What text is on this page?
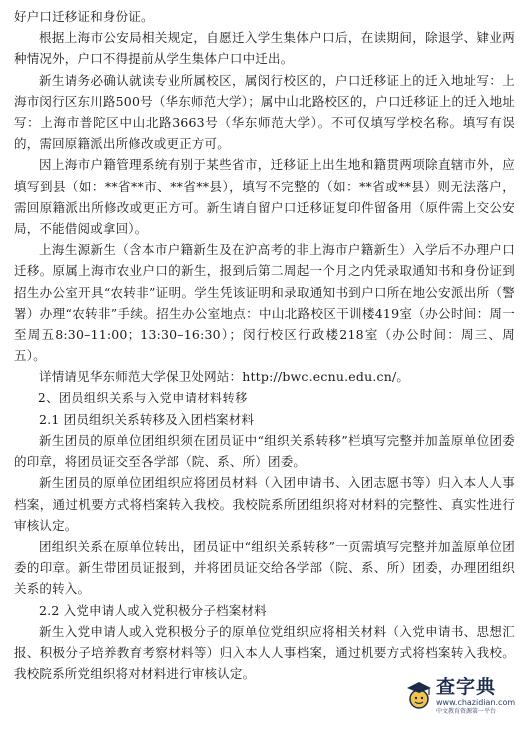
好户口迁移证和身份证。

根据上海市公安局相关规定，自愿迁入学生集体户口后，在读期间，除退学、肄业两种情况外，户口不得提前从学生集体户口中迁出。

新生请务必确认就读专业所属校区，属闵行校区的，户口迁移证上的迁入地址写：上海市闵行区东川路500号（华东师范大学）；属中山北路校区的，户口迁移证上的迁入地址写：上海市普陀区中山北路3663号（华东师范大学）。不可仅填写学校名称。填写有误的，需回原籍派出所修改或更正方可。

因上海市户籍管理系统有别于某些省市，迁移证上出生地和籍贯两项除直辖市外，应填写到县（如：**省**市、**省**县），填写不完整的（如：**省或**县）则无法落户，需回原籍派出所修改或更正方可。新生请自留户口迁移证复印件留备用（原件需上交公安局，不能借阅或拿回）。

上海生源新生（含本市户籍新生及在沪高考的非上海市户籍新生）入学后不办理户口迁移。原属上海市农业户口的新生，报到后第二周起一个月之内凭录取通知书和身份证到招生办公室开具“农转非”证明。学生凭该证明和录取通知书到户口所在地公安派出所（警署）办理“农转非”手续。招生办公室地点：中山北路校区干训楼419室（办公时间：周一至周五8:30–11:00；13:30–16:30）；闵行校区行政楼218室（办公时间：周三、周五）。

详情请见华东师范大学保卫处网站：http://bwc.ecnu.edu.cn/。

2、团员组织关系与入党申请材料转移

2.1 团员组织关系转移及入团档案材料

新生团员的原单位团组织须在团员证中“组织关系转移”栏填写完整并加盖原单位团委的印章，将团员证交至各学部（院、系、所）团委。

新生团员的原单位团组织应将团员材料（入团申请书、入团志愿书等）归入本人人事档案，通过机要方式将档案转入我校。我校院系所团组织将对材料的完整性、真实性进行审核认定。

团组织关系在原单位转出，团员证中“组织关系转移”一页需填写完整并加盖原单位团委的印章。新生带团员证报到，并将团员证交给各学部（院、系、所）团委，办理团组织关系的转入。

2.2 入党申请人或入党积极分子档案材料

新生入党申请人或入党积极分子的原单位党组织应将相关材料（入党申请书、思想汇报、积极分子培养教育考察材料等）归入本人人事档案，通过机要方式将档案转入我校。我校院系所党组织将对材料进行审核认定。

查字典
www.chazidian.com
中文教育资源第一平台
